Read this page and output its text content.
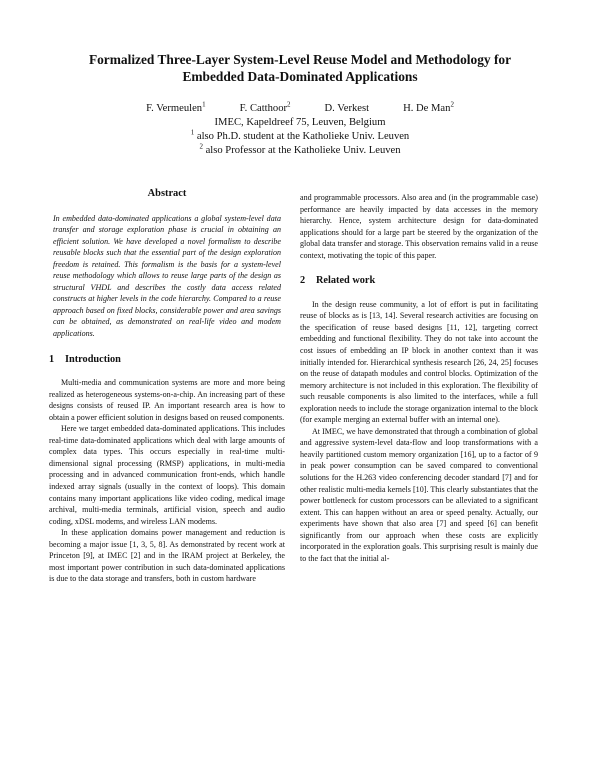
Formalized Three-Layer System-Level Reuse Model and Methodology for
Embedded Data-Dominated Applications
F. Vermeulen$^1$	F. Catthoor$^2$	D. Verkest	H. De Man$^2$
IMEC, Kapeldreef 75, Leuven, Belgium
$^1$ also Ph.D. student at the Katholieke Univ. Leuven
$^2$ also Professor at the Katholieke Univ. Leuven
Abstract

In embedded data-dominated applications a global system-level data transfer and storage exploration phase is crucial in obtaining an efficient solution. We have developed a novel formalism to describe reusable blocks such that the essential part of the design exploration freedom is retained. This formalism is the basis for a system-level reuse methodology which allows to reuse large parts of the design as structural VHDL and describes the costly data access related constructs at higher levels in the code hierarchy. Compared to a reuse approach based on fixed blocks, considerable power and area savings can be obtained, as demonstrated on real-life video and modem applications.

1	Introduction

Multi-media and communication systems are more and more being realized as heterogeneous systems-on-a-chip. An increasing part of these designs consists of reused IP. An important research area is how to obtain a power efficient solution in designs based on reused components.

Here we target embedded data-dominated applications. This includes real-time data-dominated applications which deal with large amounts of complex data types. This occurs especially in real-time multi-dimensional signal processing (RMSP) applications, in multi-media processing and in advanced communication front-ends, which handle indexed array signals (usually in the context of loops). This domain contains many important applications like video coding, medical image archival, multi-media terminals, artificial vision, speech and audio coding, xDSL modems, and wireless LAN modems.

In these application domains power management and reduction is becoming a major issue [1, 3, 5, 8]. As demonstrated by recent work at Princeton [9], at IMEC [2] and in the IRAM project at Berkeley, the most important power contribution in such data-dominated applications is due to the data storage and transfers, both in custom hardware

and programmable processors. Also area and (in the programmable case) performance are heavily impacted by data accesses in the memory hierarchy. Hence, system architecture design for data-dominated applications should for a large part be steered by the organization of the global data transfer and storage. This observation remains valid in a reuse context, motivating the topic of this paper.

2	Related work

In the design reuse community, a lot of effort is put in facilitating reuse of blocks as is [13, 14]. Several research activities are focusing on the specification of reuse based designs [11, 12], targeting correct embedding and functional flexibility. They do not take into account the cost issues of embedding an IP block in another context than it was initially intended for. Hierarchical synthesis research [26, 24, 25] focuses on the reuse of datapath modules and control blocks. Optimization of the memory architecture is not included in this exploration. The flexibility of such reusable components is also limited to the interfaces, while a full exploration needs to include the storage organization internal to the block (for example merging an external buffer with an internal one).

At IMEC, we have demonstrated that through a combination of global and aggressive system-level data-flow and loop transformations with a heavily partitioned custom memory organization [16], up to a factor of 9 in peak power consumption can be saved compared to conventional solutions for the H.263 video conferencing decoder standard [7] and for other realistic multi-media kernels [10]. This clearly substantiates that the power bottleneck for custom processors can be alleviated to a significant extent. This can happen without an area or speed penalty. Actually, our experiments have shown that also area [7] and speed [6] can benefit significantly from our approach when these costs are explicitly incorporated in the exploration goals. This surprising result is mainly due to the fact that the initial al-
